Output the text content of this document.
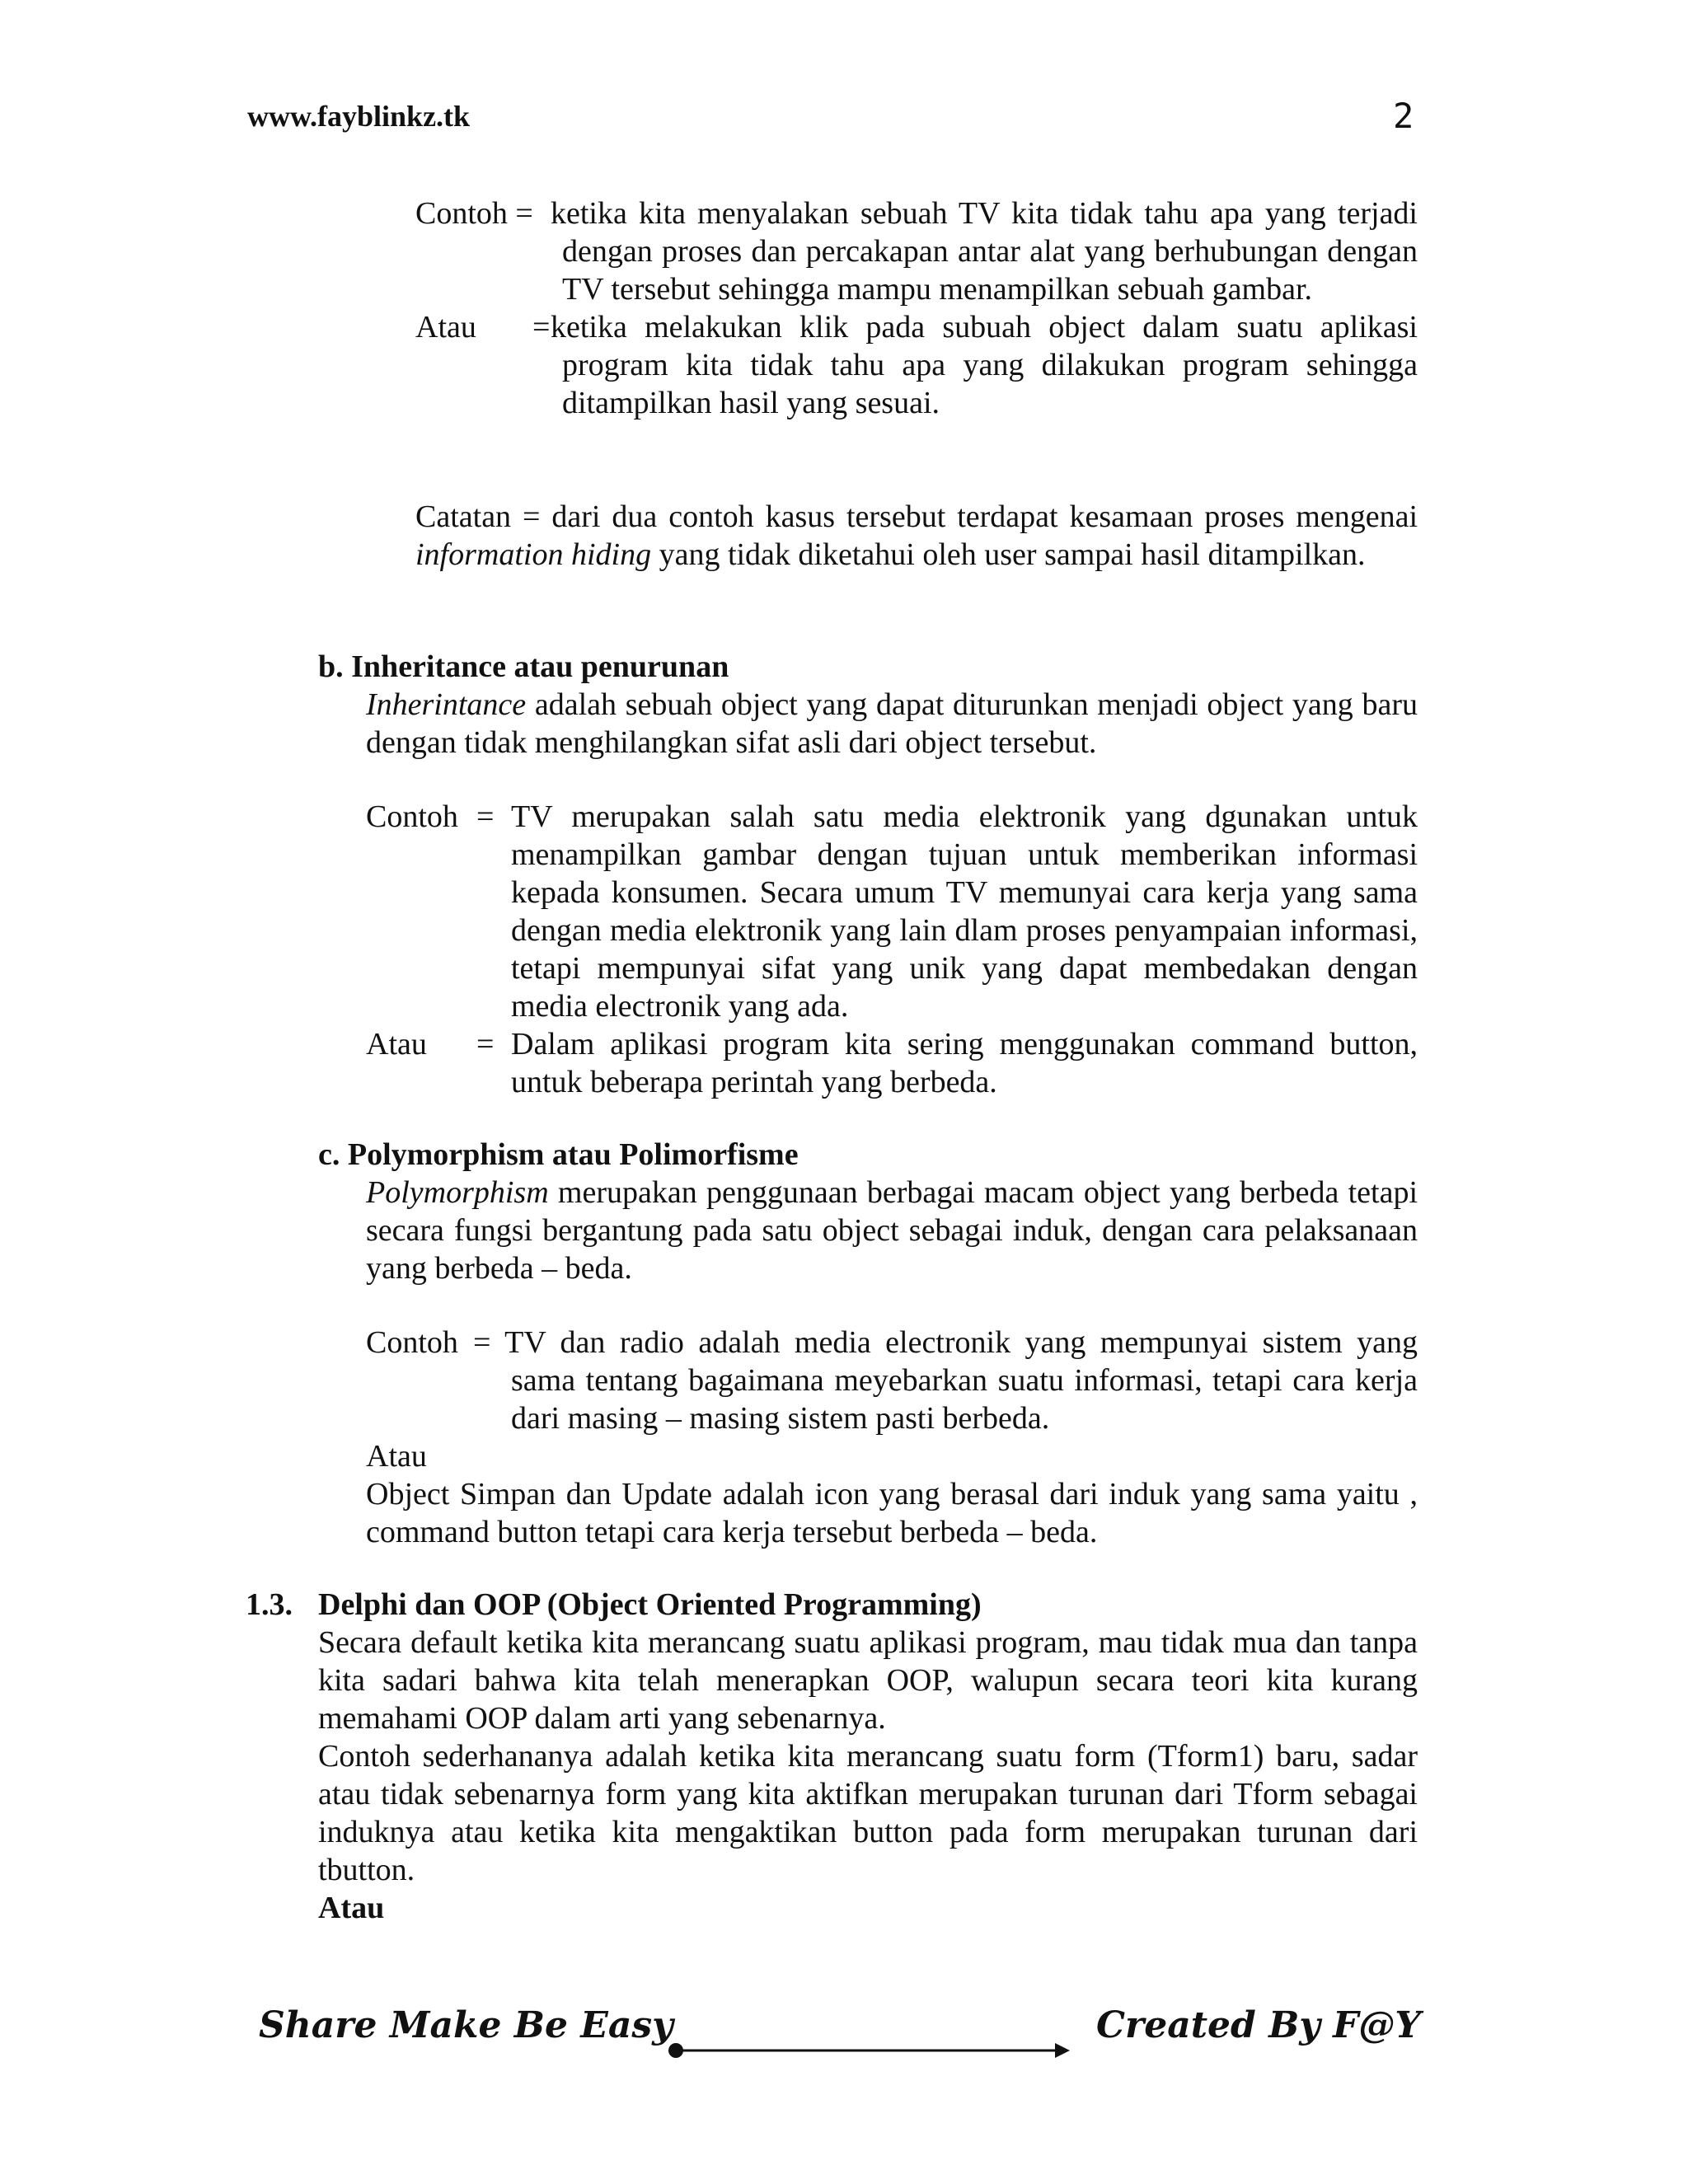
www.fayblinkz.tk	2
Contoh = ketika kita menyalakan sebuah TV kita tidak tahu apa yang terjadi dengan proses dan percakapan antar alat yang berhubungan dengan TV tersebut sehingga mampu menampilkan sebuah gambar.
Atau	= ketika melakukan klik pada subuah object dalam suatu aplikasi program kita tidak tahu apa yang dilakukan program sehingga ditampilkan hasil yang sesuai.
Catatan = dari dua contoh kasus tersebut terdapat kesamaan proses mengenai information hiding yang tidak diketahui oleh user sampai hasil ditampilkan.
b. Inheritance atau penurunan
Inherintance adalah sebuah object yang dapat diturunkan menjadi object yang baru dengan tidak menghilangkan sifat asli dari object tersebut.
Contoh = TV merupakan salah satu media elektronik yang dgunakan untuk menampilkan gambar dengan tujuan untuk memberikan informasi kepada konsumen. Secara umum TV memunyai cara kerja yang sama dengan media elektronik yang lain dlam proses penyampaian informasi, tetapi mempunyai sifat yang unik yang dapat membedakan dengan media electronik yang ada.
Atau	= Dalam aplikasi program kita sering menggunakan command button, untuk beberapa perintah yang berbeda.
c. Polymorphism atau Polimorfisme
Polymorphism merupakan penggunaan berbagai macam object yang berbeda tetapi secara fungsi bergantung pada satu object sebagai induk, dengan cara pelaksanaan yang berbeda – beda.
Contoh = TV dan radio adalah media electronik yang mempunyai sistem yang sama tentang bagaimana meyebarkan suatu informasi, tetapi cara kerja dari masing – masing sistem pasti berbeda.

Atau

Object Simpan dan Update adalah icon yang berasal dari induk yang sama yaitu , command button tetapi cara kerja tersebut berbeda – beda.

1.3. Delphi dan OOP (Object Oriented Programming)

Secara default ketika kita merancang suatu aplikasi program, mau tidak mua dan tanpa kita sadari bahwa kita telah menerapkan OOP, walupun secara teori kita kurang memahami OOP dalam arti yang sebenarnya.

Contoh sederhananya adalah ketika kita merancang suatu form (Tform1) baru, sadar atau tidak sebenarnya form yang kita aktifkan merupakan turunan dari Tform sebagai induknya atau ketika kita mengaktikan button pada form merupakan turunan dari tbutton.

Atau

Share Make Be Easy	Created By F@Y
